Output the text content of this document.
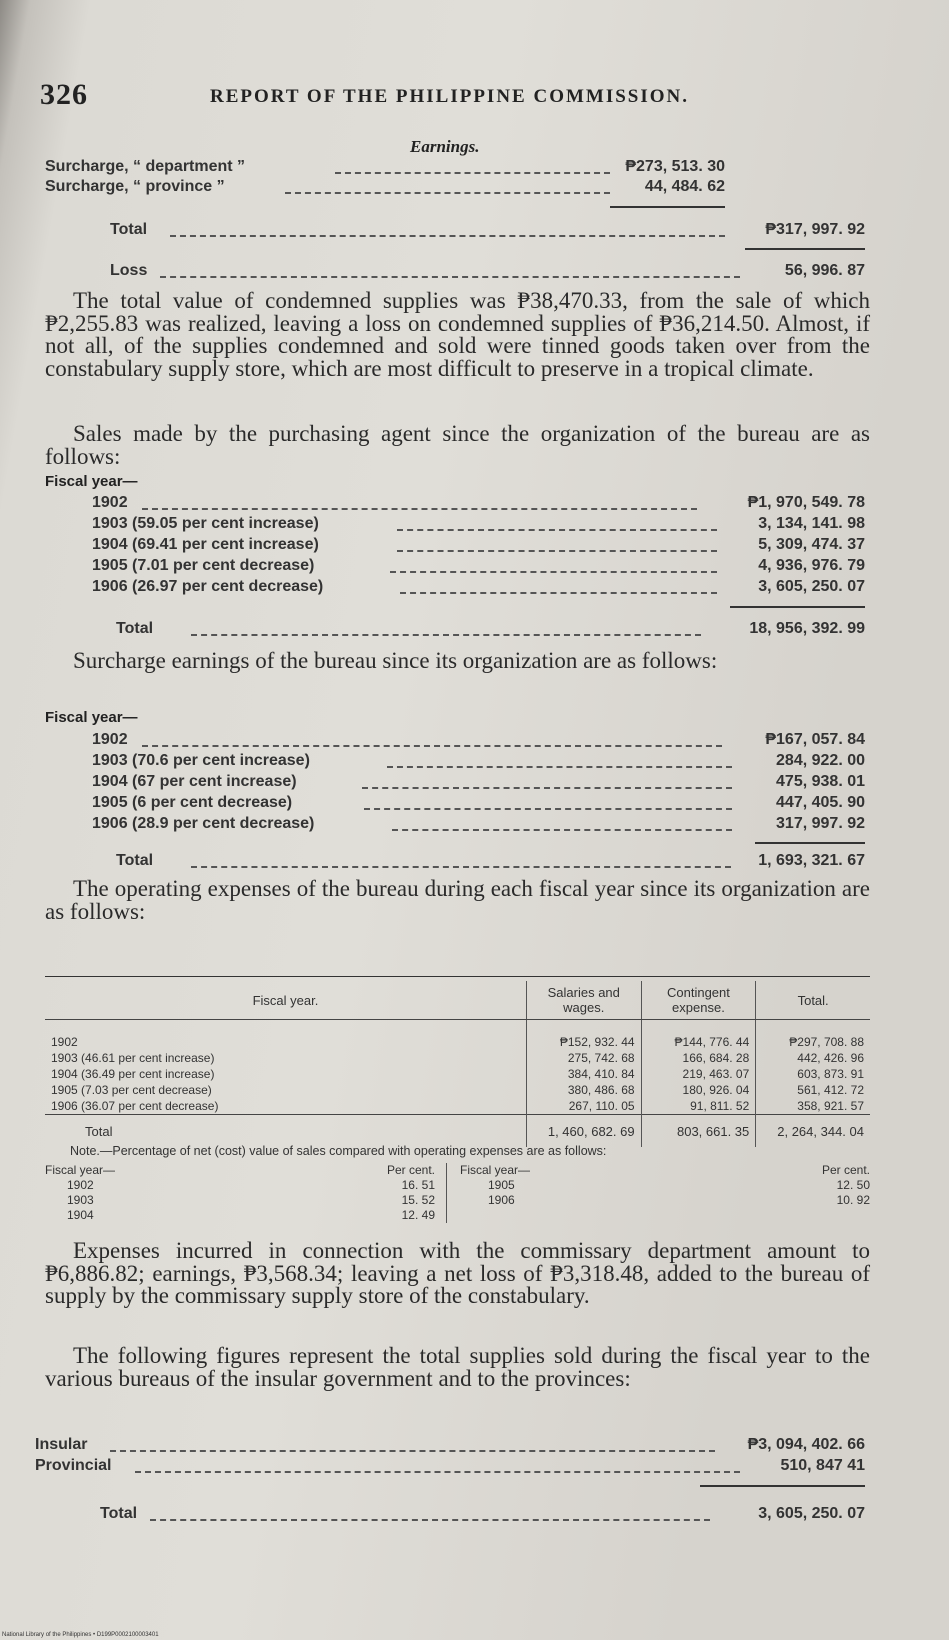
326	REPORT OF THE PHILIPPINE COMMISSION.
Earnings.
Surcharge, “ department ”	₱273, 513. 30
Surcharge, “ province ”	44, 484. 62
Total	₱317, 997. 92
Loss	56, 996. 87
The total value of condemned supplies was ₱38,470.33, from the sale of which ₱2,255.83 was realized, leaving a loss on condemned supplies of ₱36,214.50. Almost, if not all, of the supplies condemned and sold were tinned goods taken over from the constabulary supply store, which are most difficult to preserve in a tropical climate.
Sales made by the purchasing agent since the organization of the bureau are as follows:
Fiscal year—
1902	₱1, 970, 549. 78
1903 (59.05 per cent increase)	3, 134, 141. 98
1904 (69.41 per cent increase)	5, 309, 474. 37
1905 (7.01 per cent decrease)	4, 936, 976. 79
1906 (26.97 per cent decrease)	3, 605, 250. 07
Total	18, 956, 392. 99
Surcharge earnings of the bureau since its organization are as follows:
Fiscal year—
1902	₱167, 057. 84
1903 (70.6 per cent increase)	284, 922. 00
1904 (67 per cent increase)	475, 938. 01
1905 (6 per cent decrease)	447, 405. 90
1906 (28.9 per cent decrease)	317, 997. 92
Total	1, 693, 321. 67
The operating expenses of the bureau during each fiscal year since its organization are as follows:
Fiscal year.	Salaries and wages.	Contingent expense.	Total.
1902	₱152, 932. 44	₱144, 776. 44	₱297, 708. 88
1903 (46.61 per cent increase)	275, 742. 68	166, 684. 28	442, 426. 96
1904 (36.49 per cent increase)	384, 410. 84	219, 463. 07	603, 873. 91
1905 (7.03 per cent decrease)	380, 486. 68	180, 926. 04	561, 412. 72
1906 (36.07 per cent decrease)	267, 110. 05	91, 811. 52	358, 921. 57
Total	1, 460, 682. 69	803, 661. 35	2, 264, 344. 04
Note.—Percentage of net (cost) value of sales compared with operating expenses are as follows:
Fiscal year—	Per cent.
1902	16. 51
1903	15. 52
1904	12. 49
Fiscal year—	Per cent.
1905	12. 50
1906	10. 92
Expenses incurred in connection with the commissary department amount to ₱6,886.82; earnings, ₱3,568.34; leaving a net loss of ₱3,318.48, added to the bureau of supply by the commissary supply store of the constabulary.
The following figures represent the total supplies sold during the fiscal year to the various bureaus of the insular government and to the provinces:
Insular	₱3, 094, 402. 66
Provincial	510, 847 41
Total	3, 605, 250. 07
National Library of the Philippines • D199P0002100003401
